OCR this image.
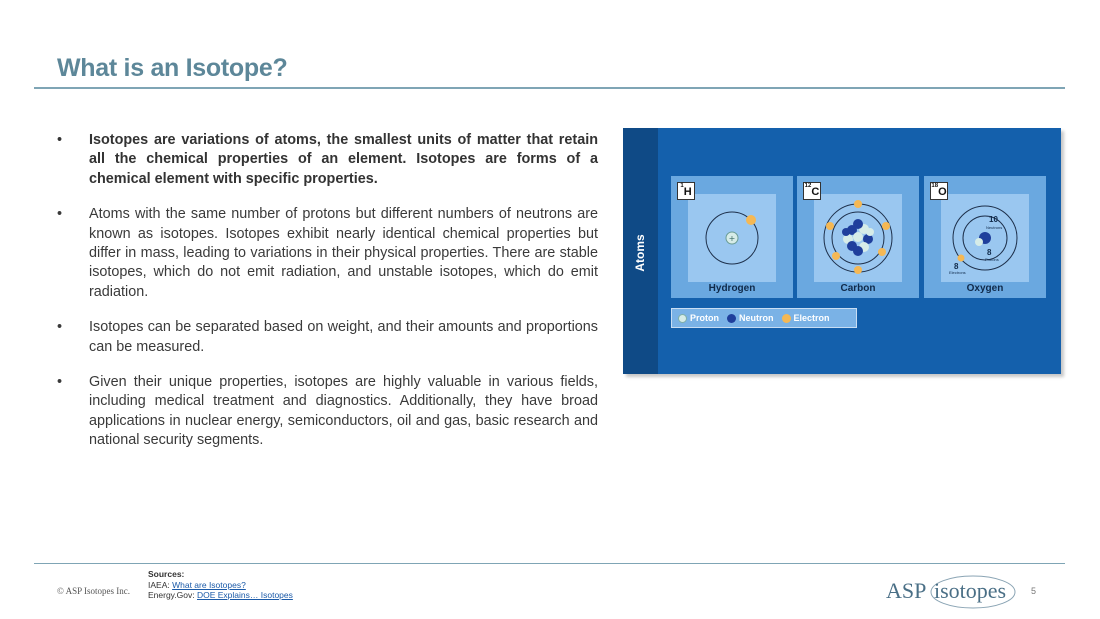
What is an Isotope?
• Isotopes are variations of atoms, the smallest units of matter that retain all the chemical properties of an element. Isotopes are forms of a chemical element with specific properties.
• Atoms with the same number of protons but different numbers of neutrons are known as isotopes. Isotopes exhibit nearly identical chemical properties but differ in mass, leading to variations in their physical properties. There are stable isotopes, which do not emit radiation, and unstable isotopes, which do emit radiation.
• Isotopes can be separated based on weight, and their amounts and proportions can be measured.
• Given their unique properties, isotopes are highly valuable in various fields, including medical treatment and diagnostics. Additionally, they have broad applications in nuclear energy, semiconductors, oil and gas, basic research and national security segments.
Atoms	+
$^1$H
Hydrogen
$^{12}$C
Carbon
10
Neutrons
8
Protons
8
Electrons
$^{18}$O
Oxygen
Proton Neutron Electron
© ASP Isotopes Inc.
Sources:
IAEA: What are Isotopes?
Energy.Gov: DOE Explains… Isotopes	ASP isotopes	5
